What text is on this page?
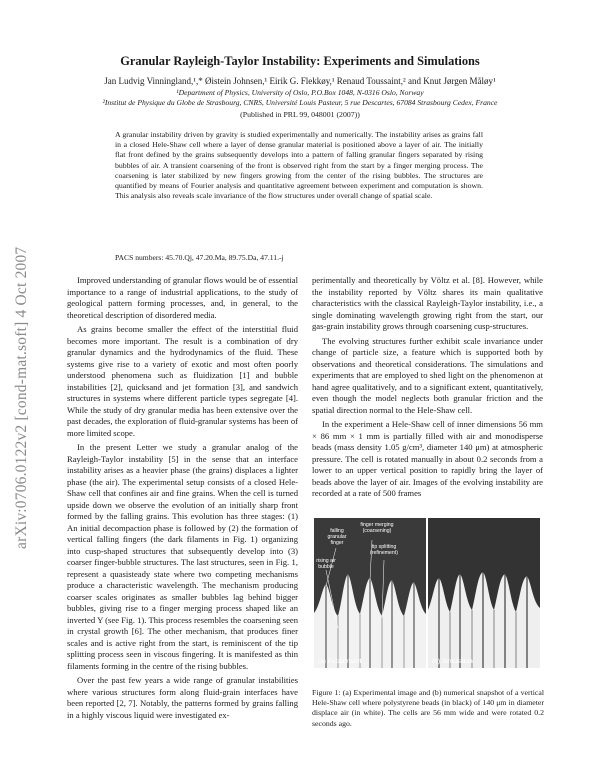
arXiv:0706.0122v2 [cond-mat.soft] 4 Oct 2007
Granular Rayleigh-Taylor Instability: Experiments and Simulations
Jan Ludvig Vinningland,¹,* Øistein Johnsen,¹ Eirik G. Flekkøy,¹ Renaud Toussaint,² and Knut Jørgen Måløy¹
¹Department of Physics, University of Oslo, P.O.Box 1048, N-0316 Oslo, Norway
²Institut de Physique du Globe de Strasbourg, CNRS, Université Louis Pasteur, 5 rue Descartes, 67084 Strasbourg Cedex, France
(Published in PRL 99, 048001 (2007))
A granular instability driven by gravity is studied experimentally and numerically. The instability arises as grains fall in a closed Hele-Shaw cell where a layer of dense granular material is positioned above a layer of air. The initially flat front defined by the grains subsequently develops into a pattern of falling granular fingers separated by rising bubbles of air. A transient coarsening of the front is observed right from the start by a finger merging process. The coarsening is later stabilized by new fingers growing from the center of the rising bubbles. The structures are quantified by means of Fourier analysis and quantitative agreement between experiment and computation is shown. This analysis also reveals scale invariance of the flow structures under overall change of spatial scale.
PACS numbers: 45.70.Qj, 47.20.Ma, 89.75.Da, 47.11.-j

Improved understanding of granular flows would be of essential importance to a range of industrial applications, to the study of geological pattern forming processes, and, in general, to the theoretical description of disordered media.

As grains become smaller the effect of the interstitial fluid becomes more important. The result is a combination of dry granular dynamics and the hydrodynamics of the fluid. These systems give rise to a variety of exotic and most often poorly understood phenomena such as fluidization [1] and bubble instabilities [2], quicksand and jet formation [3], and sandwich structures in systems where different particle types segregate [4]. While the study of dry granular media has been extensive over the past decades, the exploration of fluid-granular systems has been of more limited scope.

In the present Letter we study a granular analog of the Rayleigh-Taylor instability [5] in the sense that an interface instability arises as a heavier phase (the grains) displaces a lighter phase (the air). The experimental setup consists of a closed Hele-Shaw cell that confines air and fine grains. When the cell is turned upside down we observe the evolution of an initially sharp front formed by the falling grains. This evolution has three stages: (1) An initial decompaction phase is followed by (2) the formation of vertical falling fingers (the dark filaments in Fig. 1) organizing into cusp-shaped structures that subsequently develop into (3) coarser finger-bubble structures. The last structures, seen in Fig. 1, represent a quasisteady state where two competing mechanisms produce a characteristic wavelength. The mechanism producing coarser scales originates as smaller bubbles lag behind bigger bubbles, giving rise to a finger merging process shaped like an inverted Y (see Fig. 1). This process resembles the coarsening seen in crystal growth [6]. The other mechanism, that produces finer scales and is active right from the start, is reminiscent of the tip splitting process seen in viscous fingering. It is manifested as thin filaments forming in the centre of the rising bubbles.

Over the past few years a wide range of granular instabilities where various structures form along fluid-grain interfaces have been reported [2, 7]. Notably, the patterns formed by grains falling in a highly viscous liquid were investigated ex-

perimentally and theoretically by Völtz et al. [8]. However, while the instability reported by Völtz shares its main qualitative characteristics with the classical Rayleigh-Taylor instability, i.e., a single dominating wavelength growing right from the start, our gas-grain instability grows through coarsening cusp-structures.

The evolving structures further exhibit scale invariance under change of particle size, a feature which is supported both by observations and theoretical considerations. The simulations and experiments that are employed to shed light on the phenomenon at hand agree qualitatively, and to a significant extent, quantitatively, even though the model neglects both granular friction and the spatial direction normal to the Hele-Shaw cell.

In the experiment a Hele-Shaw cell of inner dimensions 56 mm × 86 mm × 1 mm is partially filled with air and monodisperse beads (mass density 1.05 g/cm³, diameter 140 μm) at atmospheric pressure. The cell is rotated manually in about 0.2 seconds from a lower to an upper vertical position to rapidly bring the layer of beads above the layer of air. Images of the evolving instability are recorded at a rate of 500 frames

falling granular finger
finger merging (coarsening)
tip splitting (refinement)
rising air bubble
(a) Experiment	(b) Simulation
Figure 1: (a) Experimental image and (b) numerical snapshot of a vertical Hele-Shaw cell where polystyrene beads (in black) of 140 μm in diameter displace air (in white). The cells are 56 mm wide and were rotated 0.2 seconds ago.
